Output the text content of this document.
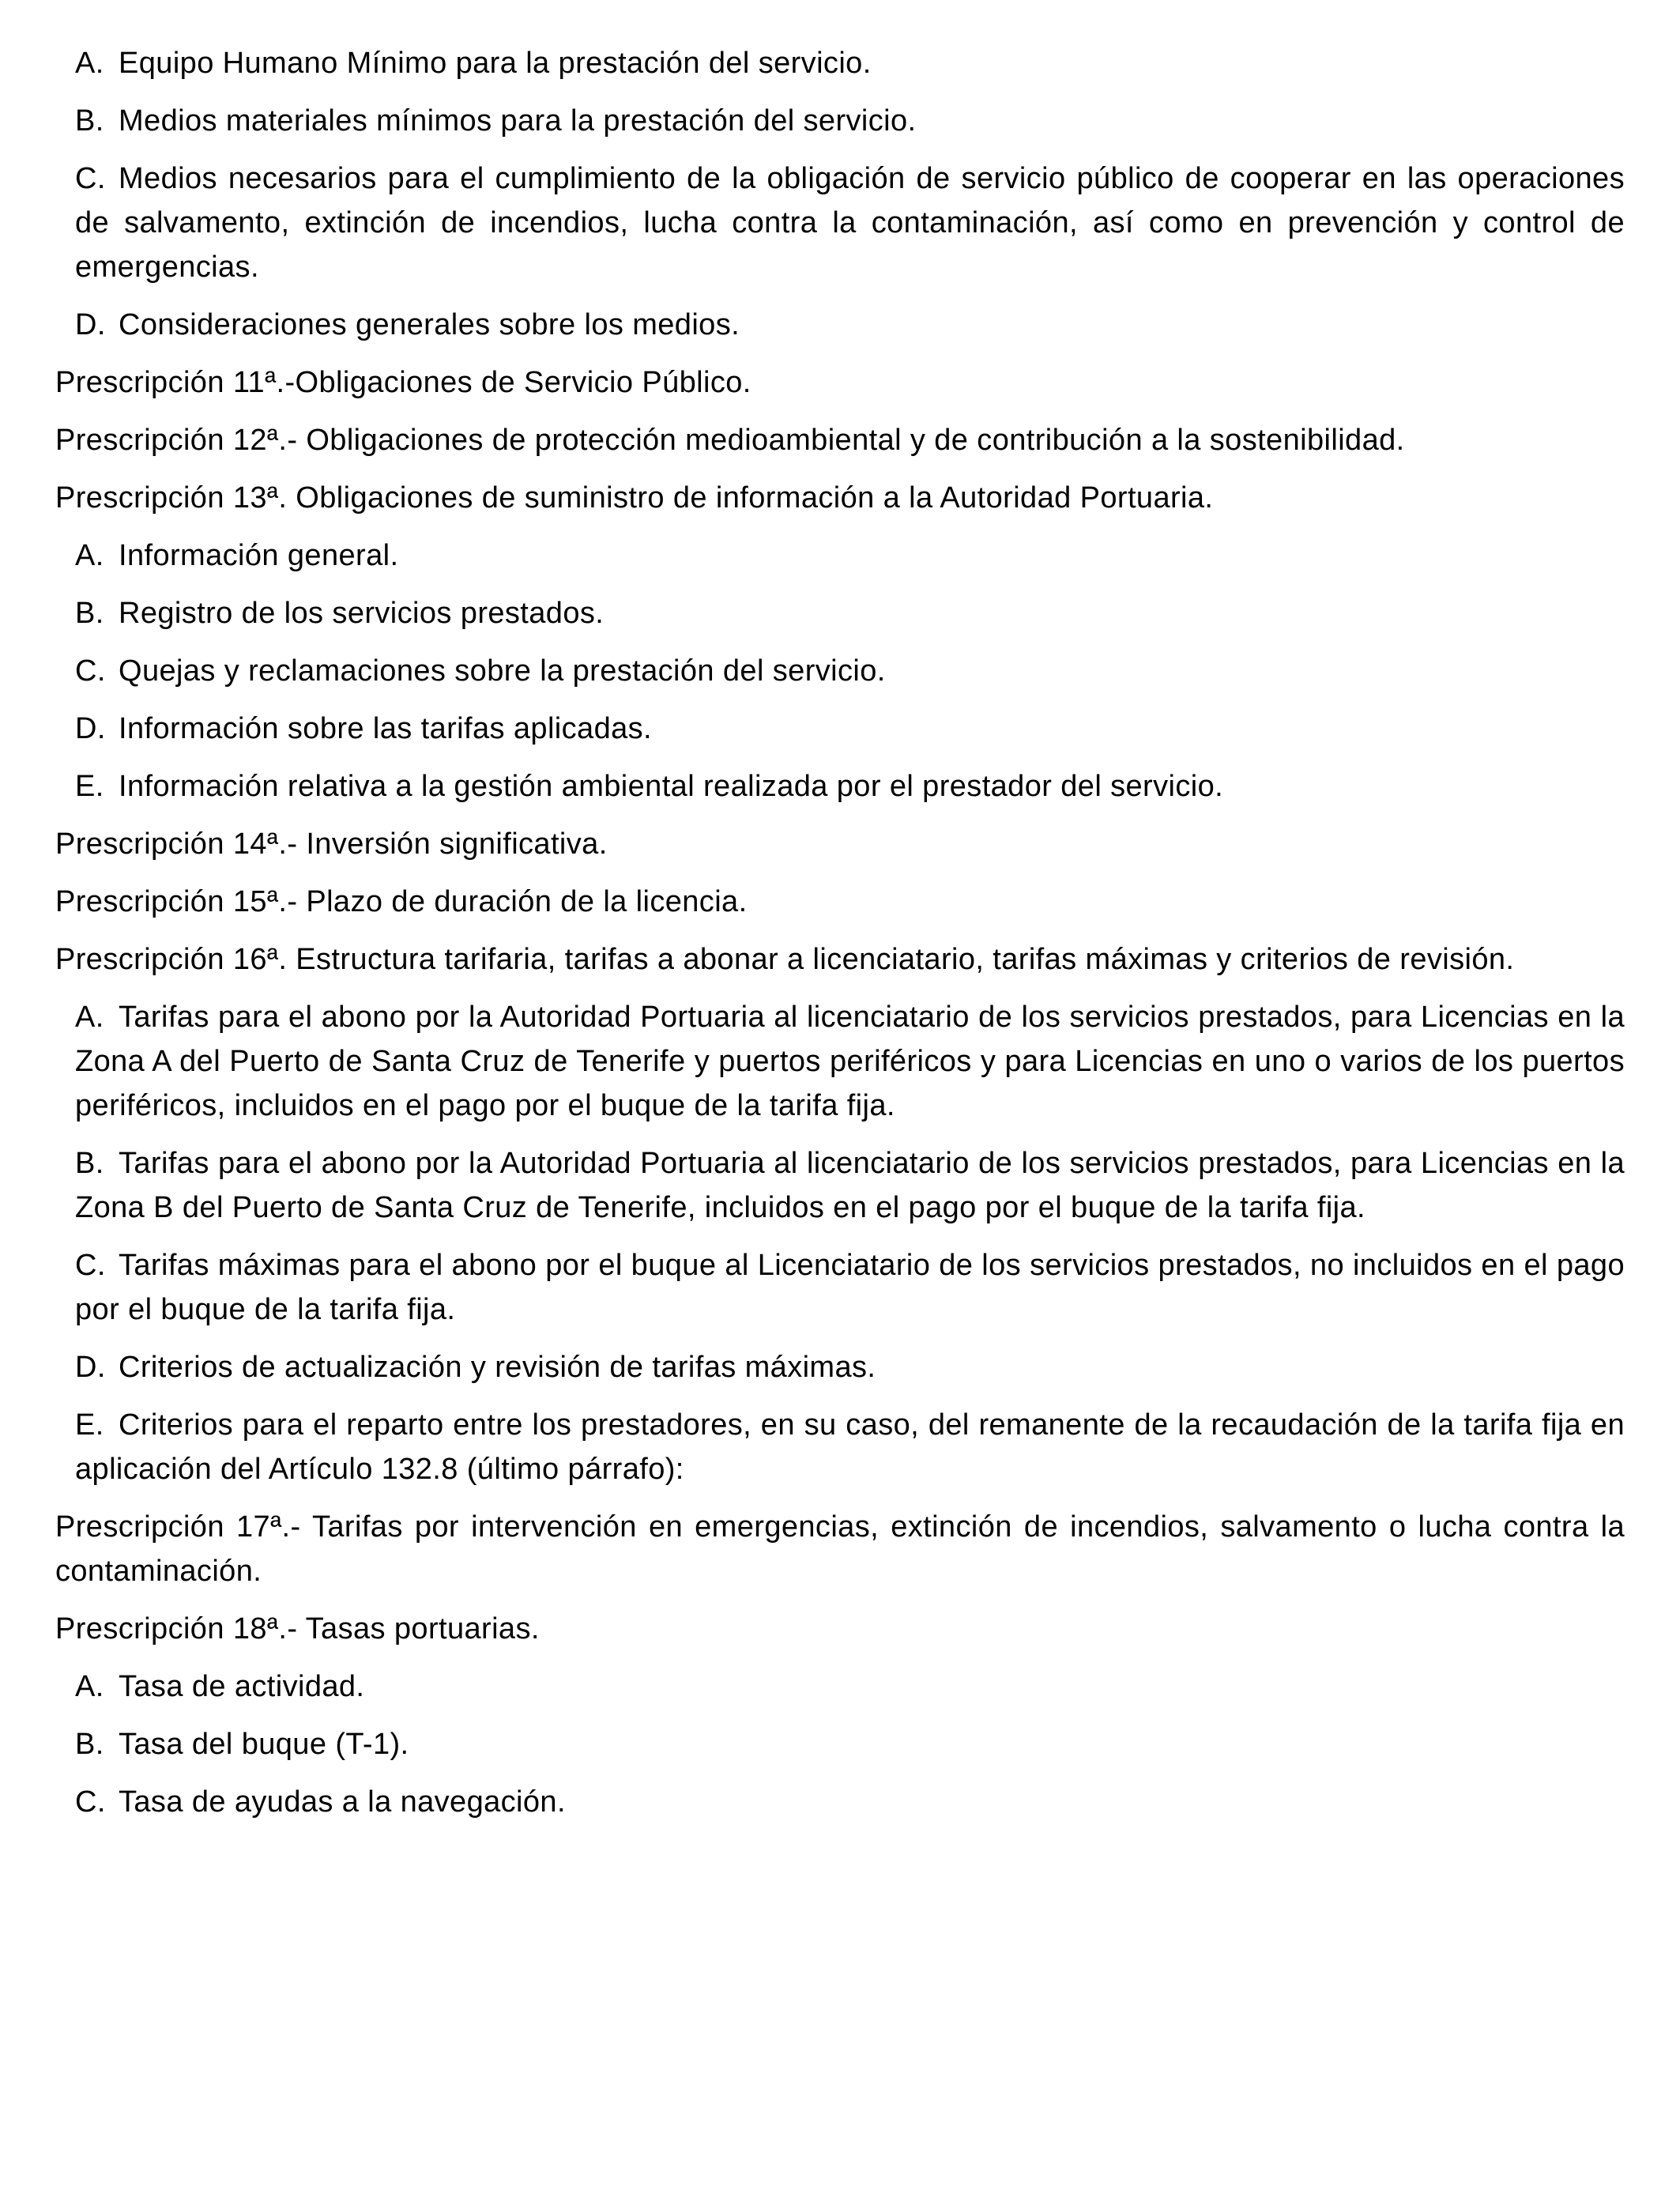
A. Equipo Humano Mínimo para la prestación del servicio.
B. Medios materiales mínimos para la prestación del servicio.
C. Medios necesarios para el cumplimiento de la obligación de servicio público de cooperar en las operaciones de salvamento, extinción de incendios, lucha contra la contaminación, así como en prevención y control de emergencias.
D. Consideraciones generales sobre los medios.

Prescripción 11ª.-Obligaciones de Servicio Público.

Prescripción 12ª.- Obligaciones de protección medioambiental y de contribución a la sostenibilidad.

Prescripción 13ª. Obligaciones de suministro de información a la Autoridad Portuaria.

A. Información general.
B. Registro de los servicios prestados.
C. Quejas y reclamaciones sobre la prestación del servicio.
D. Información sobre las tarifas aplicadas.
E. Información relativa a la gestión ambiental realizada por el prestador del servicio.

Prescripción 14ª.- Inversión significativa.

Prescripción 15ª.- Plazo de duración de la licencia.

Prescripción 16ª. Estructura tarifaria, tarifas a abonar a licenciatario, tarifas máximas y criterios de revisión.

A. Tarifas para el abono por la Autoridad Portuaria al licenciatario de los servicios prestados, para Licencias en la Zona A del Puerto de Santa Cruz de Tenerife y puertos periféricos y para Licencias en uno o varios de los puertos periféricos, incluidos en el pago por el buque de la tarifa fija.
B. Tarifas para el abono por la Autoridad Portuaria al licenciatario de los servicios prestados, para Licencias en la Zona B del Puerto de Santa Cruz de Tenerife, incluidos en el pago por el buque de la tarifa fija.
C. Tarifas máximas para el abono por el buque al Licenciatario de los servicios prestados, no incluidos en el pago por el buque de la tarifa fija.
D. Criterios de actualización y revisión de tarifas máximas.
E. Criterios para el reparto entre los prestadores, en su caso, del remanente de la recaudación de la tarifa fija en aplicación del Artículo 132.8 (último párrafo):

Prescripción 17ª.- Tarifas por intervención en emergencias, extinción de incendios, salvamento o lucha contra la contaminación.

Prescripción 18ª.- Tasas portuarias.

A. Tasa de actividad.
B. Tasa del buque (T-1).
C. Tasa de ayudas a la navegación.
